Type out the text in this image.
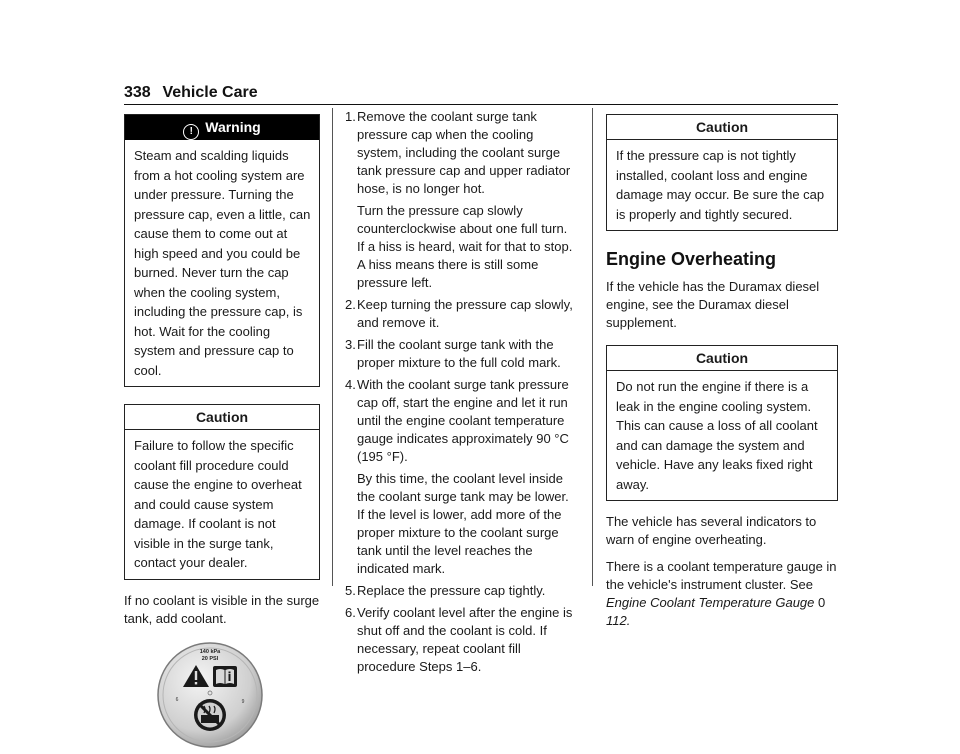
338 Vehicle Care
! Warning
Steam and scalding liquids from a hot cooling system are under pressure. Turning the pressure cap, even a little, can cause them to come out at high speed and you could be burned. Never turn the cap when the cooling system, including the pressure cap, is hot. Wait for the cooling system and pressure cap to cool.
Caution
Failure to follow the specific coolant fill procedure could cause the engine to overheat and could cause system damage. If coolant is not visible in the surge tank, contact your dealer.

If no coolant is visible in the surge tank, add coolant.

140 kPa
20 PSI
6	9
1. Remove the coolant surge tank pressure cap when the cooling system, including the coolant surge tank pressure cap and upper radiator hose, is no longer hot.
Turn the pressure cap slowly counterclockwise about one full turn. If a hiss is heard, wait for that to stop. A hiss means there is still some pressure left.
2. Keep turning the pressure cap slowly, and remove it.
3. Fill the coolant surge tank with the proper mixture to the full cold mark.
4. With the coolant surge tank pressure cap off, start the engine and let it run until the engine coolant temperature gauge indicates approximately 90 °C (195 °F).
By this time, the coolant level inside the coolant surge tank may be lower. If the level is lower, add more of the proper mixture to the coolant surge tank until the level reaches the indicated mark.
5. Replace the pressure cap tightly.
6. Verify coolant level after the engine is shut off and the coolant is cold. If necessary, repeat coolant fill procedure Steps 1–6.
Caution
If the pressure cap is not tightly installed, coolant loss and engine damage may occur. Be sure the cap is properly and tightly secured.
Engine Overheating

If the vehicle has the Duramax diesel engine, see the Duramax diesel supplement.

Caution
Do not run the engine if there is a leak in the engine cooling system. This can cause a loss of all coolant and can damage the system and vehicle. Have any leaks fixed right away.

The vehicle has several indicators to warn of engine overheating.

There is a coolant temperature gauge in the vehicle's instrument cluster. See Engine Coolant Temperature Gauge 0 112.
